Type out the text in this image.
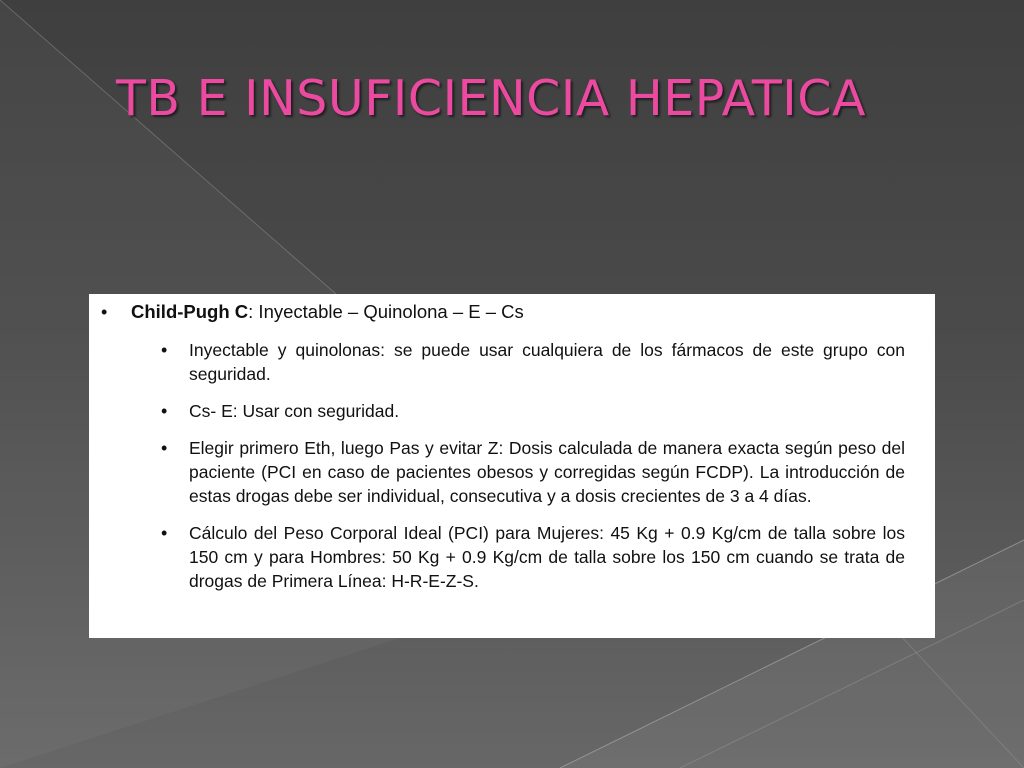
TB E INSUFICIENCIA HEPATICA
•	Child-Pugh C: Inyectable – Quinolona – E – Cs
•	Inyectable y quinolonas: se puede usar cualquiera de los fármacos de este grupo con seguridad.
•	Cs- E: Usar con seguridad.
•	Elegir primero Eth, luego Pas y evitar Z: Dosis calculada de manera exacta según peso del paciente (PCI en caso de pacientes obesos y corregidas según FCDP). La introducción de estas drogas debe ser individual, consecutiva y a dosis crecientes de 3 a 4 días.
•	Cálculo del Peso Corporal Ideal (PCI) para Mujeres: 45 Kg + 0.9 Kg/cm de talla sobre los 150 cm y para Hombres: 50 Kg + 0.9 Kg/cm de talla sobre los 150 cm cuando se trata de drogas de Primera Línea: H-R-E-Z-S.
